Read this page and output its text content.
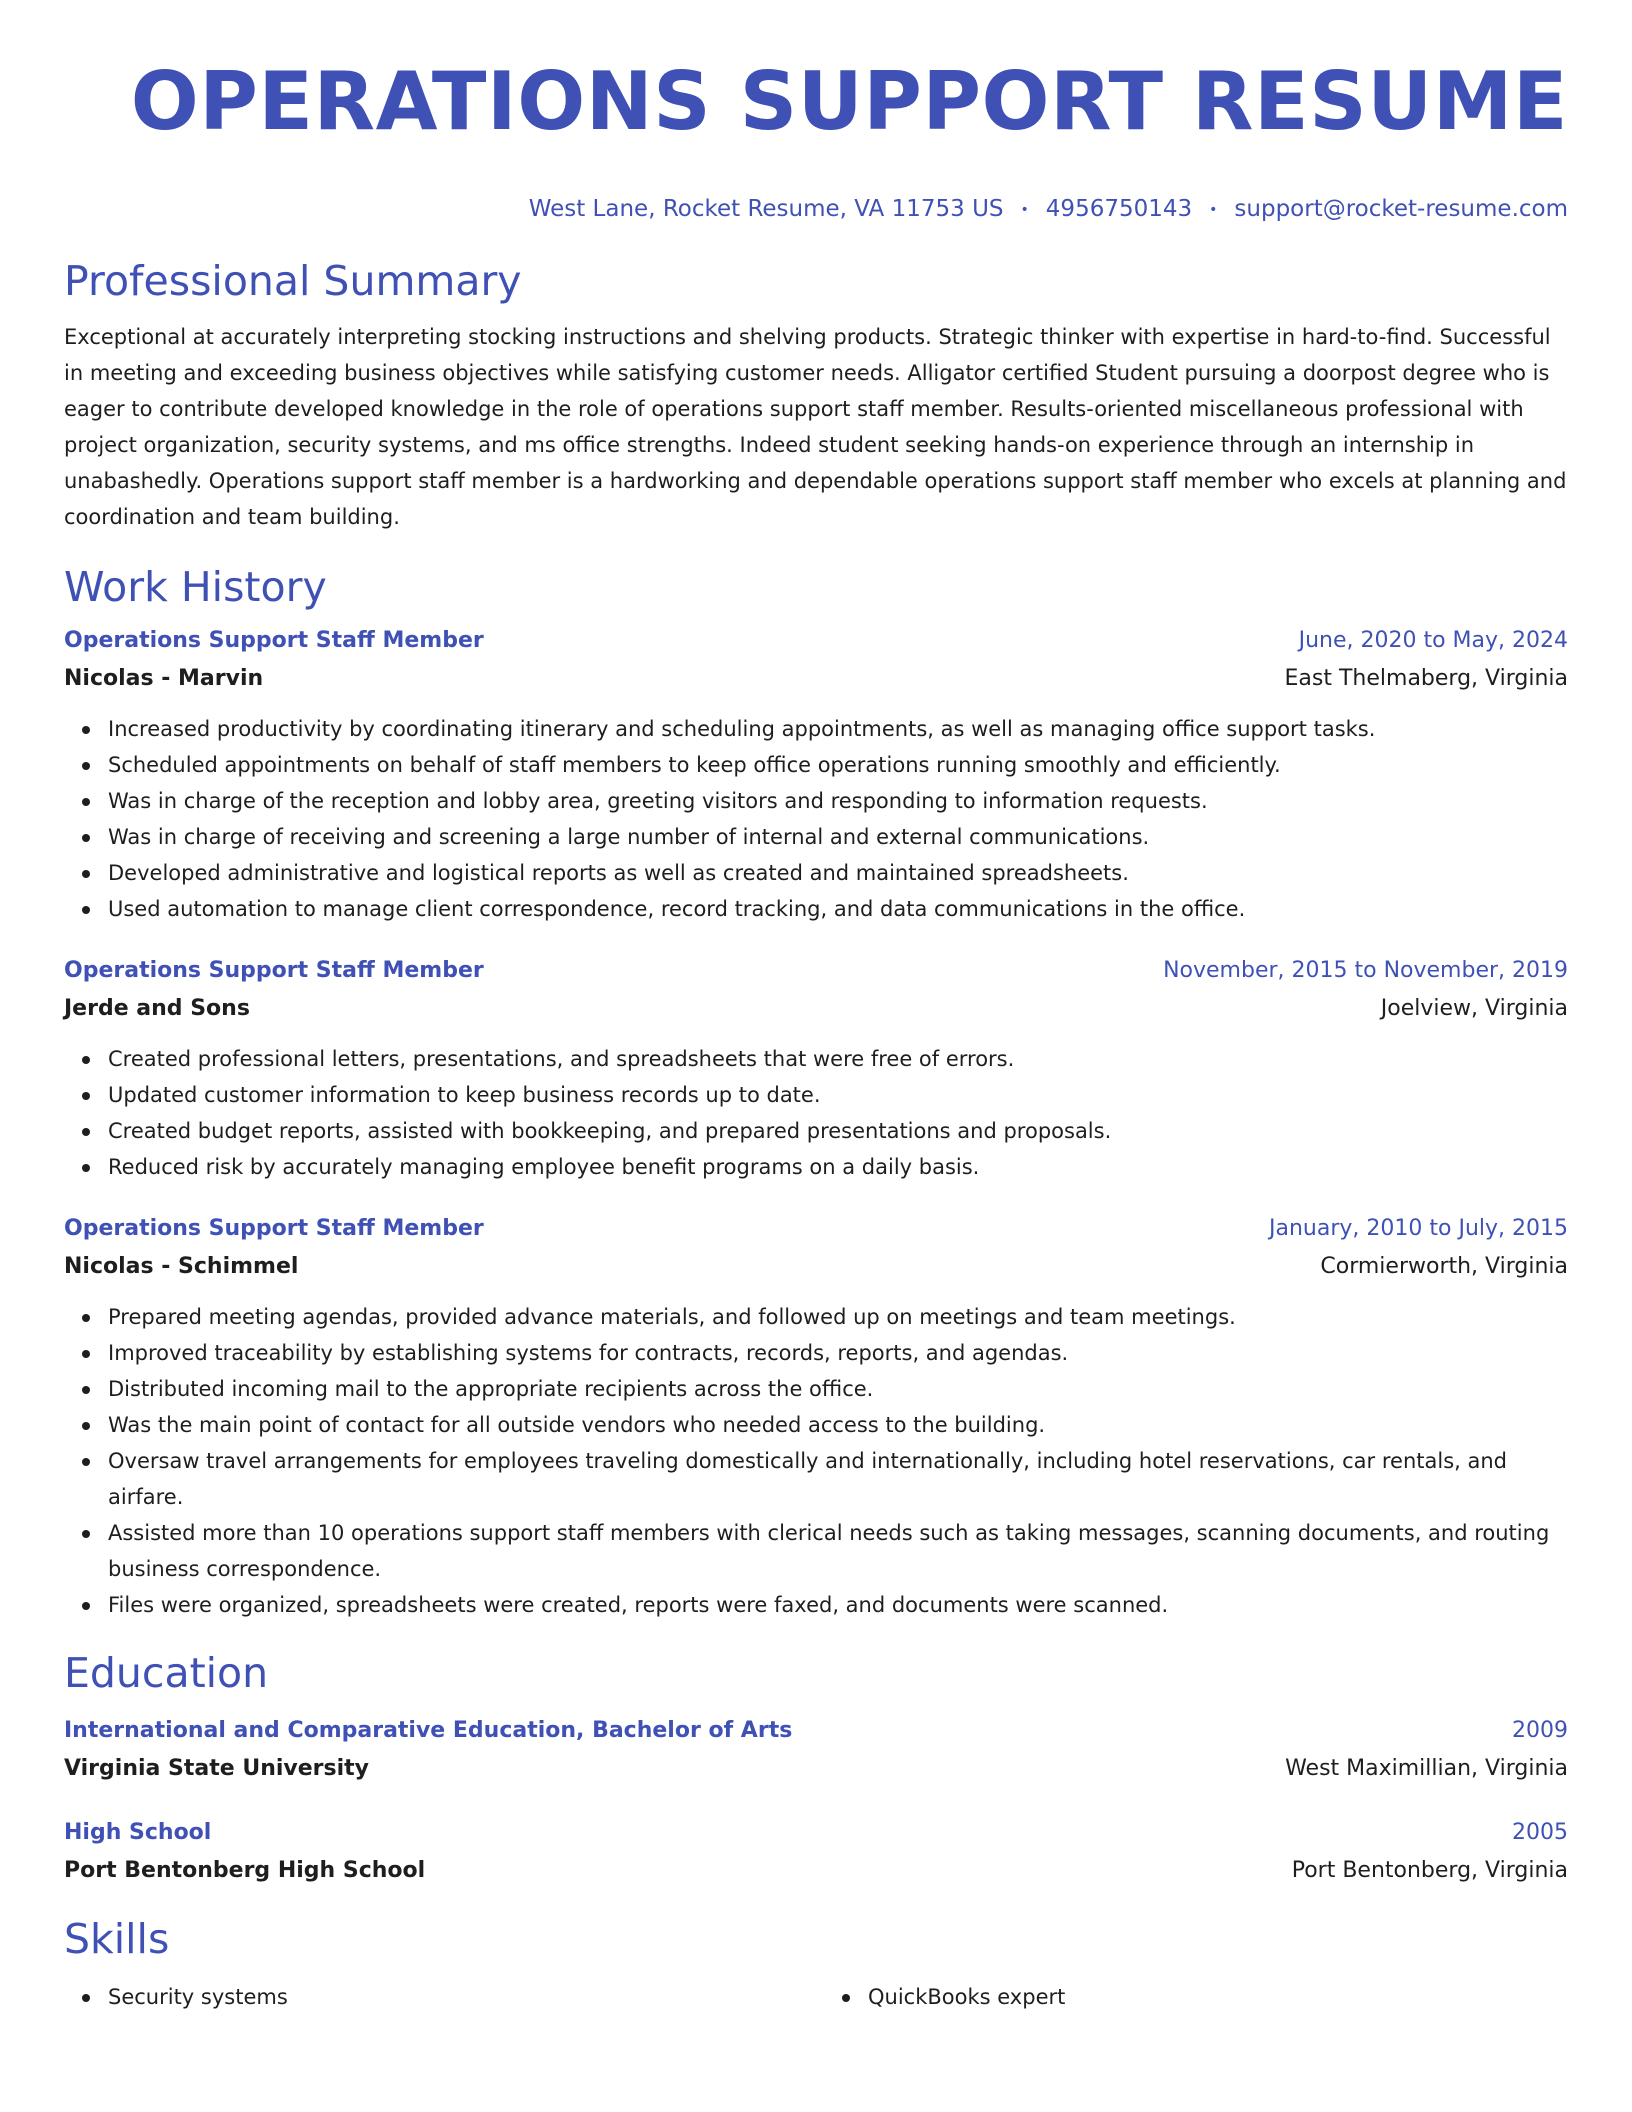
OPERATIONS SUPPORT RESUME
West Lane, Rocket Resume, VA 11753 US • 4956750143 • support@rocket-resume.com
Professional Summary

Exceptional at accurately interpreting stocking instructions and shelving products. Strategic thinker with expertise in hard-to-find. Successful in meeting and exceeding business objectives while satisfying customer needs. Alligator certified Student pursuing a doorpost degree who is eager to contribute developed knowledge in the role of operations support staff member. Results-oriented miscellaneous professional with project organization, security systems, and ms office strengths. Indeed student seeking hands-on experience through an internship in unabashedly. Operations support staff member is a hardworking and dependable operations support staff member who excels at planning and coordination and team building.

Work History
Operations Support Staff Member	June, 2020 to May, 2024
Nicolas - Marvin	East Thelmaberg, Virginia
Increased productivity by coordinating itinerary and scheduling appointments, as well as managing office support tasks.
Scheduled appointments on behalf of staff members to keep office operations running smoothly and efficiently.
Was in charge of the reception and lobby area, greeting visitors and responding to information requests.
Was in charge of receiving and screening a large number of internal and external communications.
Developed administrative and logistical reports as well as created and maintained spreadsheets.
Used automation to manage client correspondence, record tracking, and data communications in the office.
Operations Support Staff Member	November, 2015 to November, 2019
Jerde and Sons	Joelview, Virginia
Created professional letters, presentations, and spreadsheets that were free of errors.
Updated customer information to keep business records up to date.
Created budget reports, assisted with bookkeeping, and prepared presentations and proposals.
Reduced risk by accurately managing employee benefit programs on a daily basis.
Operations Support Staff Member	January, 2010 to July, 2015
Nicolas - Schimmel	Cormierworth, Virginia
Prepared meeting agendas, provided advance materials, and followed up on meetings and team meetings.
Improved traceability by establishing systems for contracts, records, reports, and agendas.
Distributed incoming mail to the appropriate recipients across the office.
Was the main point of contact for all outside vendors who needed access to the building.
Oversaw travel arrangements for employees traveling domestically and internationally, including hotel reservations, car rentals, and airfare.
Assisted more than 10 operations support staff members with clerical needs such as taking messages, scanning documents, and routing business correspondence.
Files were organized, spreadsheets were created, reports were faxed, and documents were scanned.
Education
International and Comparative Education, Bachelor of Arts	2009
Virginia State University	West Maximillian, Virginia
High School	2005
Port Bentonberg High School	Port Bentonberg, Virginia
Skills
Security systems	QuickBooks expert
